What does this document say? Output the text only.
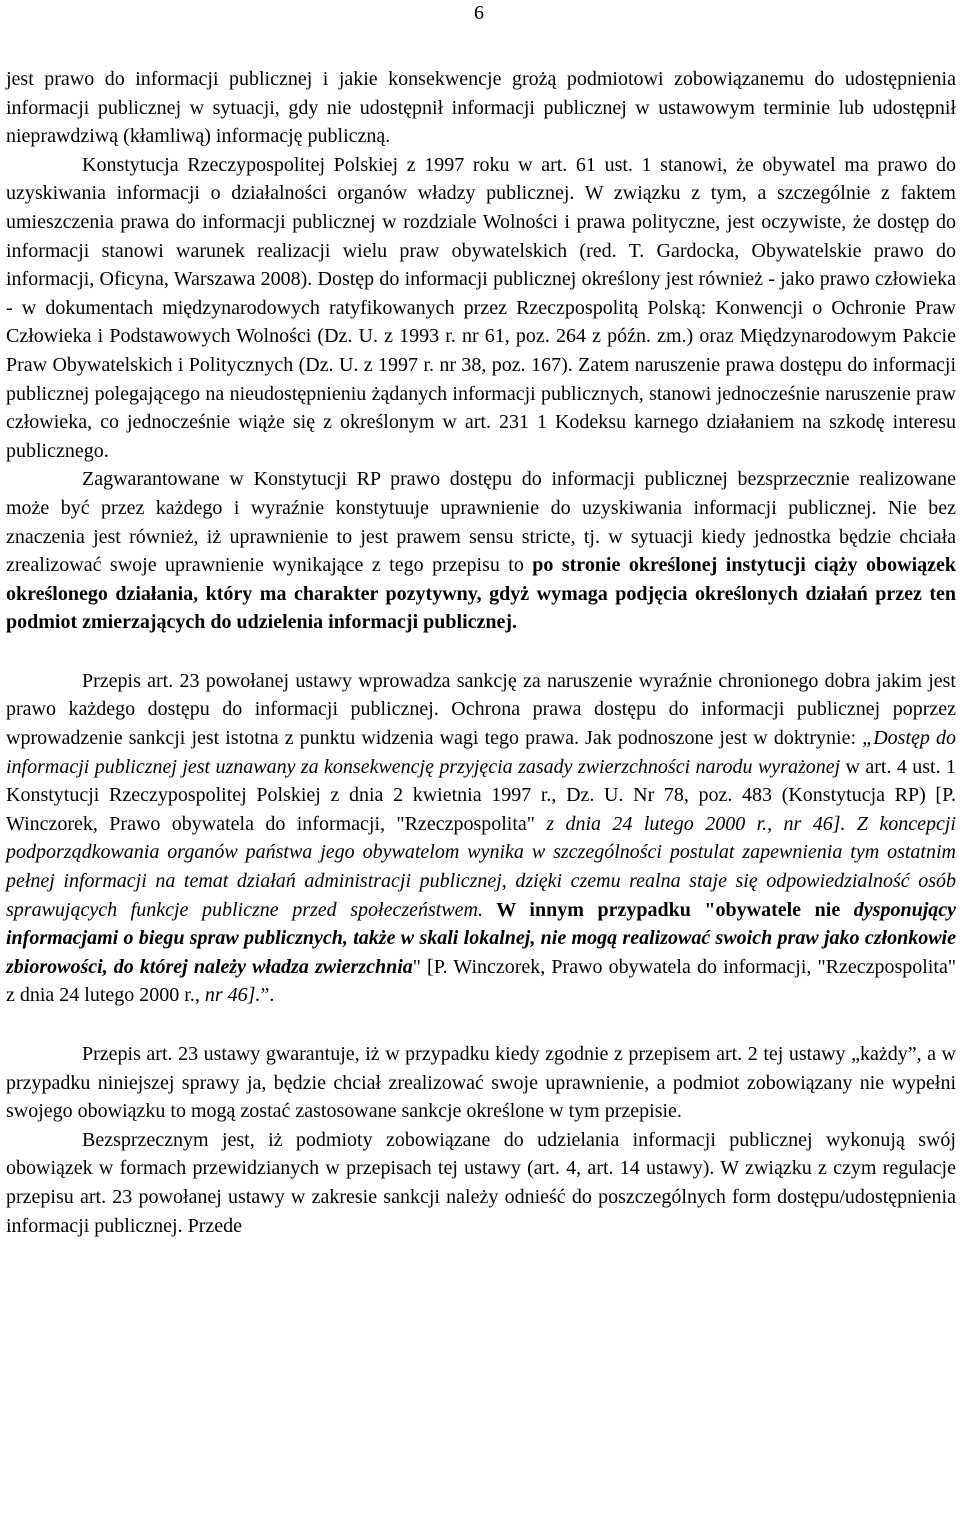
6

jest prawo do informacji publicznej i jakie konsekwencje grożą podmiotowi zobowiązanemu do udostępnienia informacji publicznej w sytuacji, gdy nie udostępnił informacji publicznej w ustawowym terminie lub udostępnił nieprawdziwą (kłamliwą) informację publiczną.

Konstytucja Rzeczypospolitej Polskiej z 1997 roku w art. 61 ust. 1 stanowi, że obywatel ma prawo do uzyskiwania informacji o działalności organów władzy publicznej. W związku z tym, a szczególnie z faktem umieszczenia prawa do informacji publicznej w rozdziale Wolności i prawa polityczne, jest oczywiste, że dostęp do informacji stanowi warunek realizacji wielu praw obywatelskich (red. T. Gardocka, Obywatelskie prawo do informacji, Oficyna, Warszawa 2008). Dostęp do informacji publicznej określony jest również - jako prawo człowieka - w dokumentach międzynarodowych ratyfikowanych przez Rzeczpospolitą Polską: Konwencji o Ochronie Praw Człowieka i Podstawowych Wolności (Dz. U. z 1993 r. nr 61, poz. 264 z późn. zm.) oraz Międzynarodowym Pakcie Praw Obywatelskich i Politycznych (Dz. U. z 1997 r. nr 38, poz. 167). Zatem naruszenie prawa dostępu do informacji publicznej polegającego na nieudostępnieniu żądanych informacji publicznych, stanowi jednocześnie naruszenie praw człowieka, co jednocześnie wiąże się z określonym w art. 231 1 Kodeksu karnego działaniem na szkodę interesu publicznego.

Zagwarantowane w Konstytucji RP prawo dostępu do informacji publicznej bezsprzecznie realizowane może być przez każdego i wyraźnie konstytuuje uprawnienie do uzyskiwania informacji publicznej. Nie bez znaczenia jest również, iż uprawnienie to jest prawem sensu stricte, tj. w sytuacji kiedy jednostka będzie chciała zrealizować swoje uprawnienie wynikające z tego przepisu to po stronie określonej instytucji ciąży obowiązek określonego działania, który ma charakter pozytywny, gdyż wymaga podjęcia określonych działań przez ten podmiot zmierzających do udzielenia informacji publicznej.

Przepis art. 23 powołanej ustawy wprowadza sankcję za naruszenie wyraźnie chronionego dobra jakim jest prawo każdego dostępu do informacji publicznej. Ochrona prawa dostępu do informacji publicznej poprzez wprowadzenie sankcji jest istotna z punktu widzenia wagi tego prawa. Jak podnoszone jest w doktrynie: „Dostęp do informacji publicznej jest uznawany za konsekwencję przyjęcia zasady zwierzchności narodu wyrażonej w art. 4 ust. 1 Konstytucji Rzeczypospolitej Polskiej z dnia 2 kwietnia 1997 r., Dz. U. Nr 78, poz. 483 (Konstytucja RP) [P. Winczorek, Prawo obywatela do informacji, "Rzeczpospolita" z dnia 24 lutego 2000 r., nr 46]. Z koncepcji podporządkowania organów państwa jego obywatelom wynika w szczególności postulat zapewnienia tym ostatnim pełnej informacji na temat działań administracji publicznej, dzięki czemu realna staje się odpowiedzialność osób sprawujących funkcje publiczne przed społeczeństwem. W innym przypadku "obywatele nie dysponujący informacjami o biegu spraw publicznych, także w skali lokalnej, nie mogą realizować swoich praw jako członkowie zbiorowości, do której należy władza zwierzchnia" [P. Winczorek, Prawo obywatela do informacji, "Rzeczpospolita" z dnia 24 lutego 2000 r., nr 46].”.

Przepis art. 23 ustawy gwarantuje, iż w przypadku kiedy zgodnie z przepisem art. 2 tej ustawy „każdy”, a w przypadku niniejszej sprawy ja, będzie chciał zrealizować swoje uprawnienie, a podmiot zobowiązany nie wypełni swojego obowiązku to mogą zostać zastosowane sankcje określone w tym przepisie.

Bezsprzecznym jest, iż podmioty zobowiązane do udzielania informacji publicznej wykonują swój obowiązek w formach przewidzianych w przepisach tej ustawy (art. 4, art. 14 ustawy). W związku z czym regulacje przepisu art. 23 powołanej ustawy w zakresie sankcji należy odnieść do poszczególnych form dostępu/udostępnienia informacji publicznej. Przede
